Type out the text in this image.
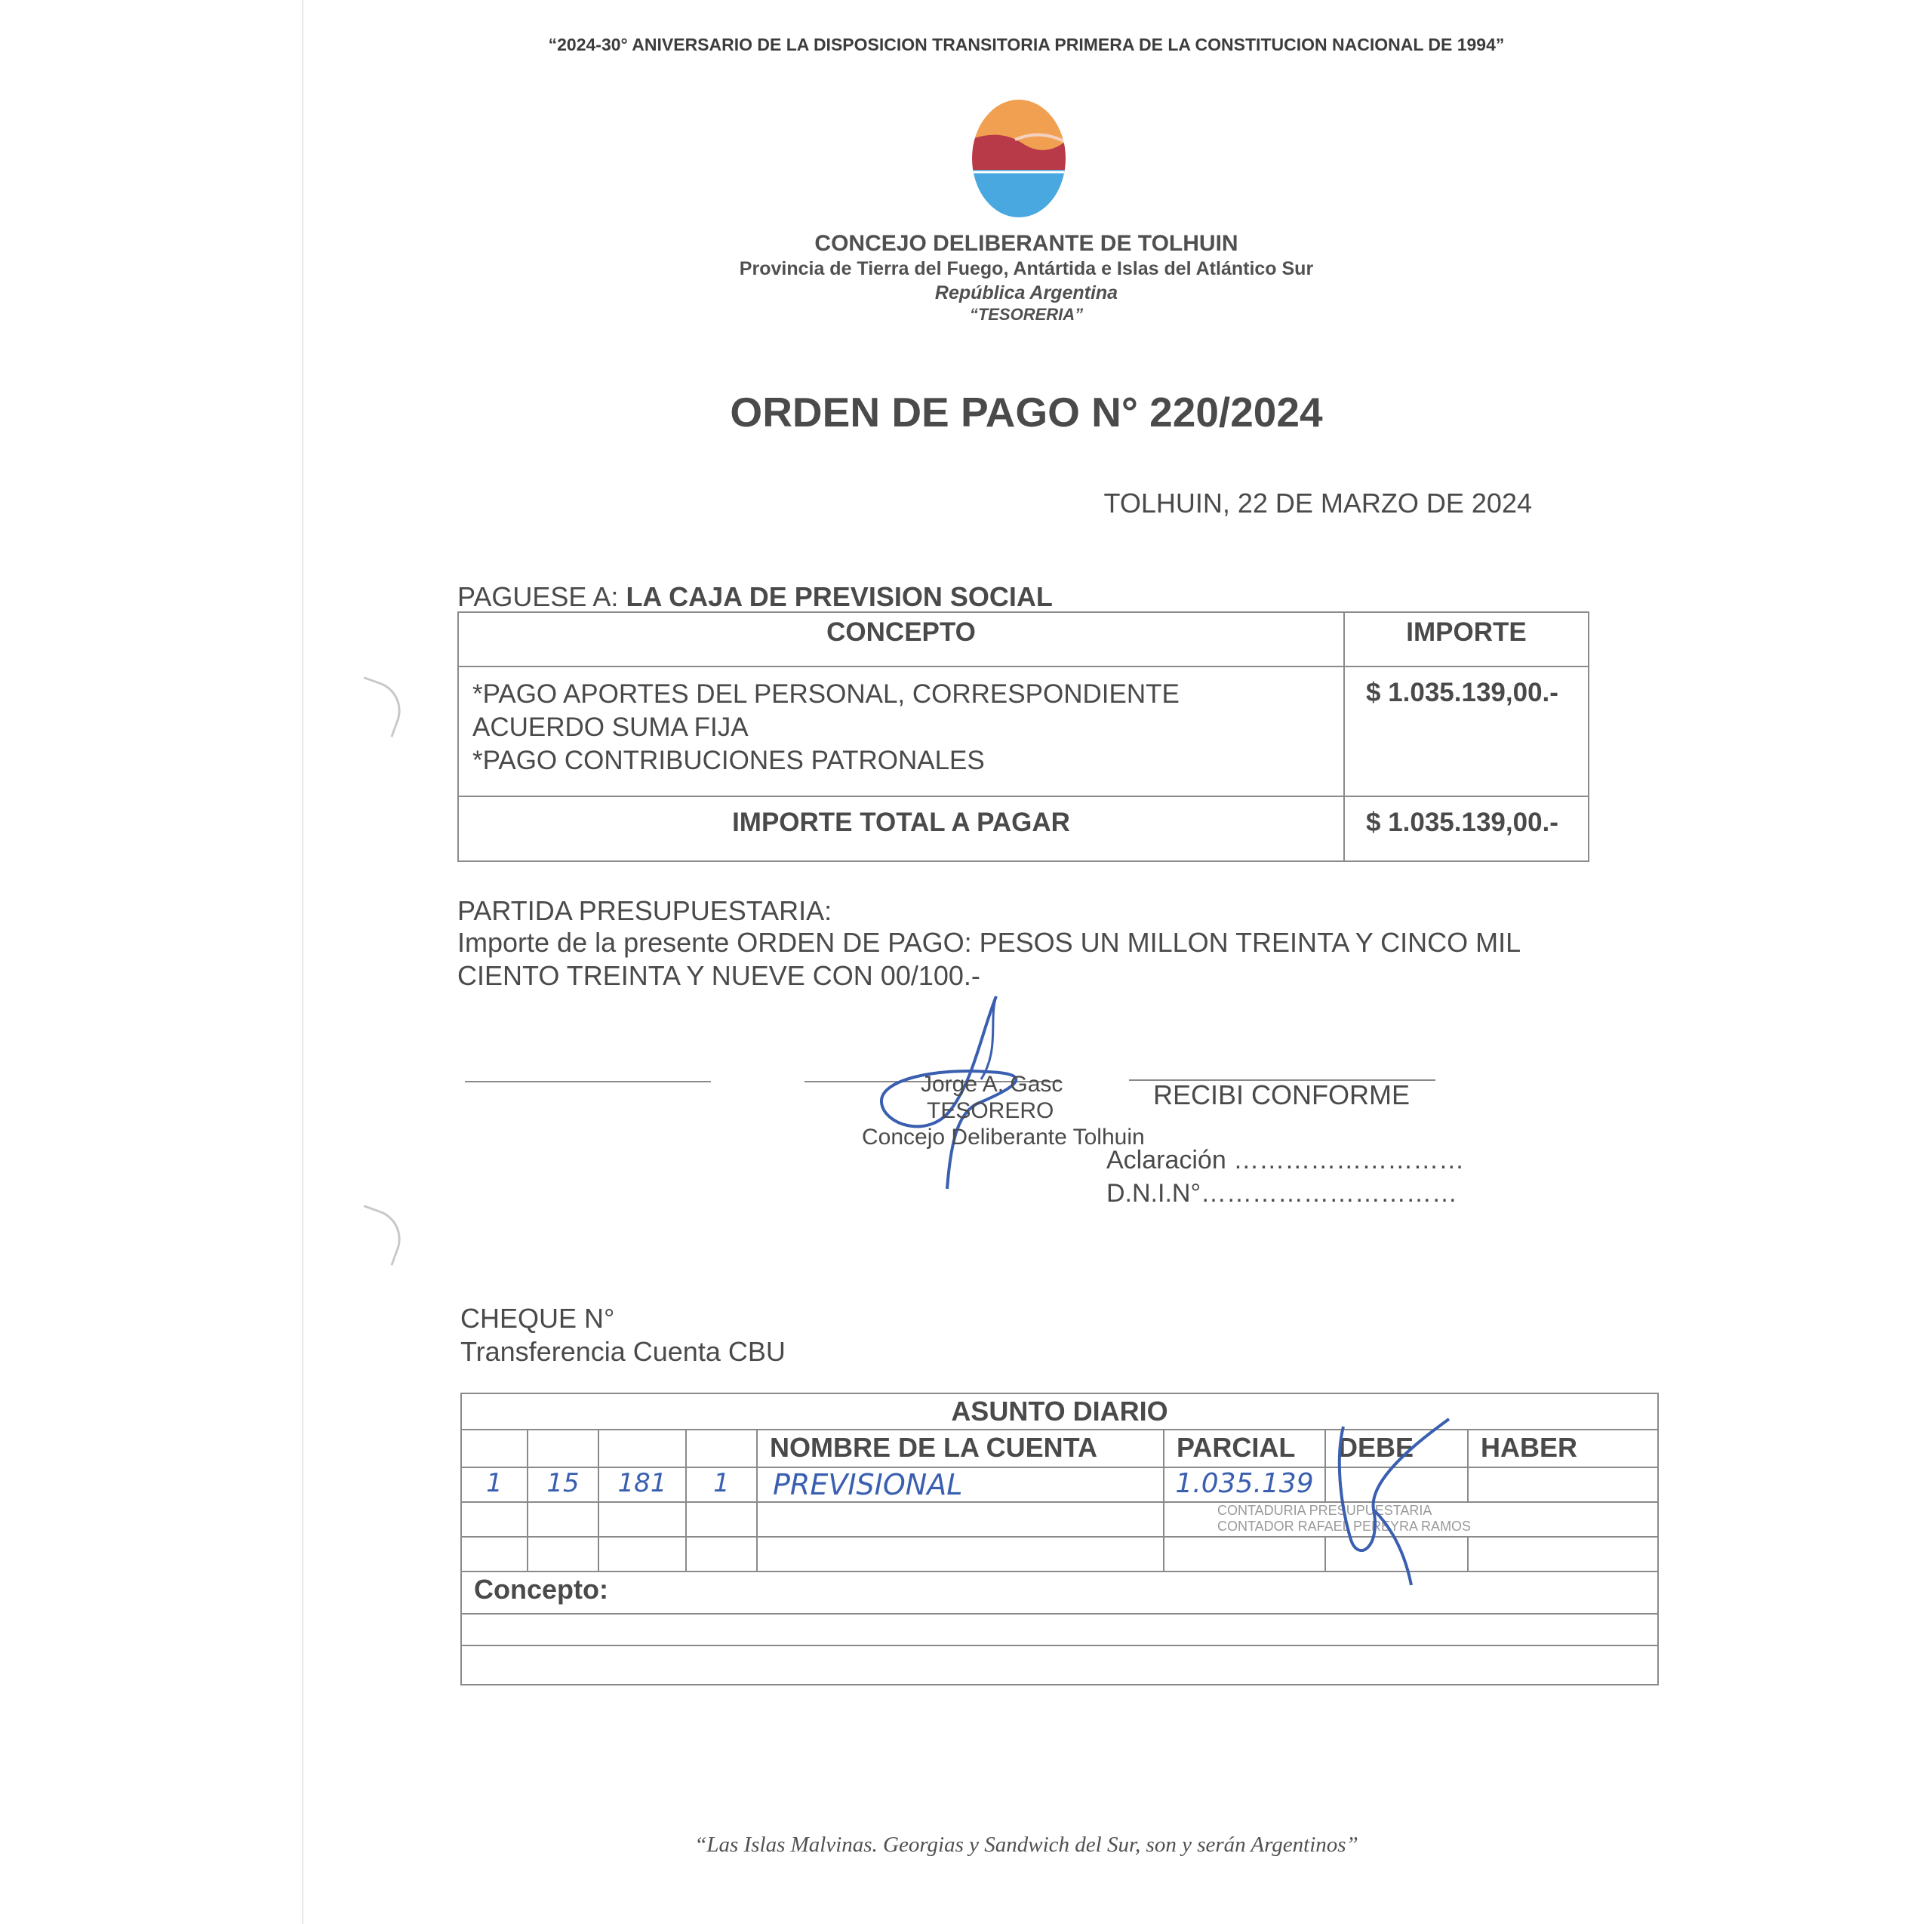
“2024-30° ANIVERSARIO DE LA DISPOSICION TRANSITORIA PRIMERA DE LA CONSTITUCION NACIONAL DE 1994”
CONCEJO DELIBERANTE DE TOLHUIN
Provincia de Tierra del Fuego, Antártida e Islas del Atlántico Sur
República Argentina
“TESORERIA”
ORDEN DE PAGO N° 220/2024
TOLHUIN, 22 DE MARZO DE 2024
PAGUESE A: LA CAJA DE PREVISION SOCIAL
CONCEPTO	IMPORTE

*PAGO APORTES DEL PERSONAL, CORRESPONDIENTE
ACUERDO SUMA FIJA
*PAGO CONTRIBUCIONES PATRONALES	$ 1.035.139,00.-
IMPORTE TOTAL A PAGAR	$ 1.035.139,00.-
PARTIDA PRESUPUESTARIA:
Importe de la presente ORDEN DE PAGO: PESOS UN MILLON TREINTA Y CINCO MIL
CIENTO TREINTA Y NUEVE CON 00/100.-
Jorge A. Gasc
TESORERO
Concejo Deliberante Tolhuin
RECIBI CONFORME
Aclaración ………………………
D.N.I.N°…………………………
CHEQUE N°
Transferencia Cuenta CBU
ASUNTO DIARIO							
				NOMBRE DE LA CUENTA	PARCIAL	DEBE	HABER
1	15	181	1	PREVISIONAL	1.035.139		

					CONTADURIA PRESUPUESTARIA
CONTADOR RAFAEL PEREYRA RAMOS		

Concepto:							

“Las Islas Malvinas. Georgias y Sandwich del Sur, son y serán Argentinos”
